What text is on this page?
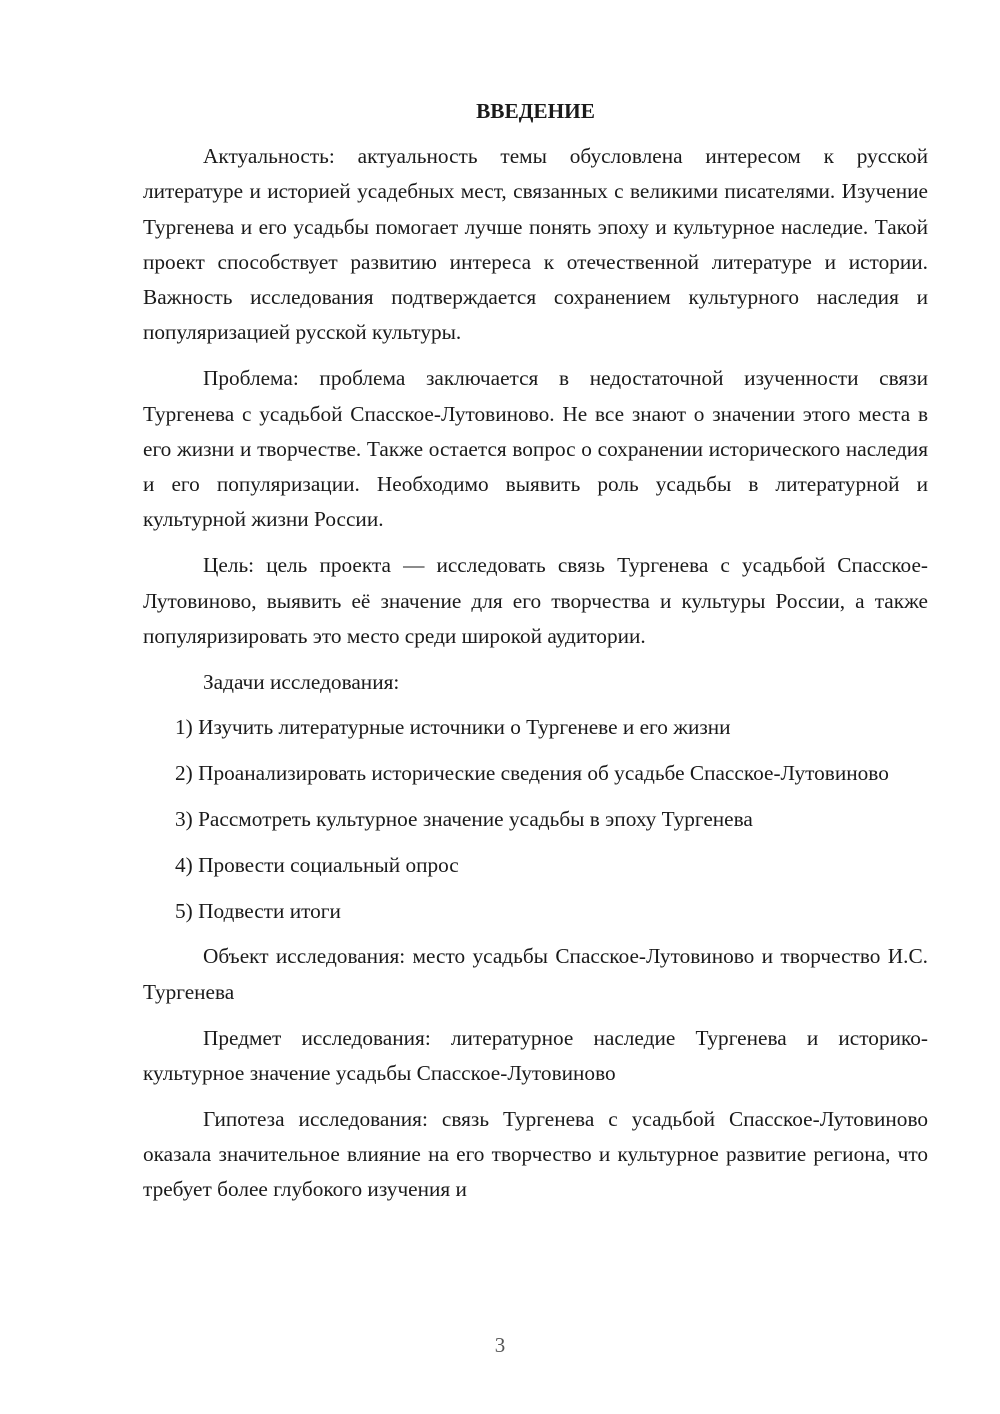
ВВЕДЕНИЕ

Актуальность: актуальность темы обусловлена интересом к русской литературе и историей усадебных мест, связанных с великими писателями. Изучение Тургенева и его усадьбы помогает лучше понять эпоху и культурное наследие. Такой проект способствует развитию интереса к отечественной литературе и истории. Важность исследования подтверждается сохранением культурного наследия и популяризацией русской культуры.

Проблема: проблема заключается в недостаточной изученности связи Тургенева с усадьбой Спасское-Лутовиново. Не все знают о значении этого места в его жизни и творчестве. Также остается вопрос о сохранении исторического наследия и его популяризации. Необходимо выявить роль усадьбы в литературной и культурной жизни России.

Цель: цель проекта — исследовать связь Тургенева с усадьбой Спасское-Лутовиново, выявить её значение для его творчества и культуры России, а также популяризировать это место среди широкой аудитории.

Задачи исследования:

1) Изучить литературные источники о Тургеневе и его жизни

2) Проанализировать исторические сведения об усадьбе Спасское-Лутовиново

3) Рассмотреть культурное значение усадьбы в эпоху Тургенева

4) Провести социальный опрос

5) Подвести итоги

Объект исследования: место усадьбы Спасское-Лутовиново и творчество И.С. Тургенева

Предмет исследования: литературное наследие Тургенева и историко-культурное значение усадьбы Спасское-Лутовиново

Гипотеза исследования: связь Тургенева с усадьбой Спасское-Лутовиново оказала значительное влияние на его творчество и культурное развитие региона, что требует более глубокого изучения и

3
